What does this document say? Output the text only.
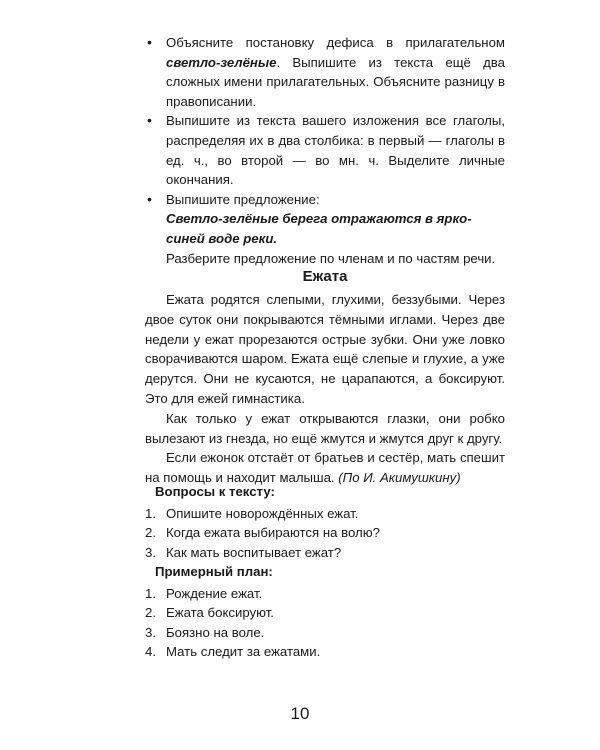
• Объясните постановку дефиса в прилагательном светло-зелёные. Выпишите из текста ещё два сложных имени прилагательных. Объясните разницу в правописании.
• Выпишите из текста вашего изложения все глаголы, распределяя их в два столбика: в первый — глаголы в ед. ч., во второй — во мн. ч. Выделите личные окончания.
• Выпишите предложение:
Светло-зелёные берега отражаются в ярко-синей воде реки.
Разберите предложение по членам и по частям речи.
Ежата

Ежата родятся слепыми, глухими, беззубыми. Через двое суток они покрываются тёмными иглами. Через две недели у ежат прорезаются острые зубки. Они уже ловко сворачиваются шаром. Ежата ещё слепые и глухие, а уже дерутся. Они не кусаются, не царапаются, а боксируют. Это для ежей гимнастика.

Как только у ежат открываются глазки, они робко вылезают из гнезда, но ещё жмутся и жмутся друг к другу.

Если ежонок отстаёт от братьев и сестёр, мать спешит на помощь и находит малыша. (По И. Акимушкину)

Вопросы к тексту:
1. Опишите новорождённых ежат.
2. Когда ежата выбираются на волю?
3. Как мать воспитывает ежат?
Примерный план:
1. Рождение ежат.
2. Ежата боксируют.
3. Боязно на воле.
4. Мать следит за ежатами.
10
